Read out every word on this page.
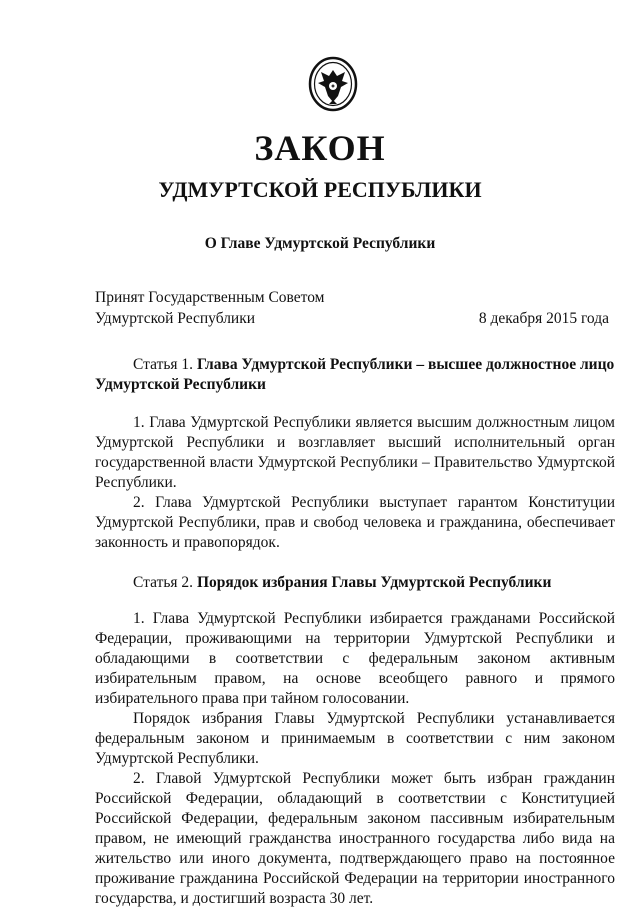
ЗАКОН
УДМУРТСКОЙ РЕСПУБЛИКИ
О Главе Удмуртской Республики
Принят Государственным Советом
Удмуртской Республики	8 декабря 2015 года

Статья 1. Глава Удмуртской Республики – высшее должностное лицо Удмуртской Республики

1. Глава Удмуртской Республики является высшим должностным лицом Удмуртской Республики и возглавляет высший исполнительный орган государственной власти Удмуртской Республики – Правительство Удмуртской Республики.

2. Глава Удмуртской Республики выступает гарантом Конституции Удмуртской Республики, прав и свобод человека и гражданина, обеспечивает законность и правопорядок.

Статья 2. Порядок избрания Главы Удмуртской Республики

1. Глава Удмуртской Республики избирается гражданами Российской Федерации, проживающими на территории Удмуртской Республики и обладающими в соответствии с федеральным законом активным избирательным правом, на основе всеобщего равного и прямого избирательного права при тайном голосовании.

Порядок избрания Главы Удмуртской Республики устанавливается федеральным законом и принимаемым в соответствии с ним законом Удмуртской Республики.

2. Главой Удмуртской Республики может быть избран гражданин Российской Федерации, обладающий в соответствии с Конституцией Российской Федерации, федеральным законом пассивным избирательным правом, не имеющий гражданства иностранного государства либо вида на жительство или иного документа, подтверждающего право на постоянное проживание гражданина Российской Федерации на территории иностранного государства, и достигший возраста 30 лет.
